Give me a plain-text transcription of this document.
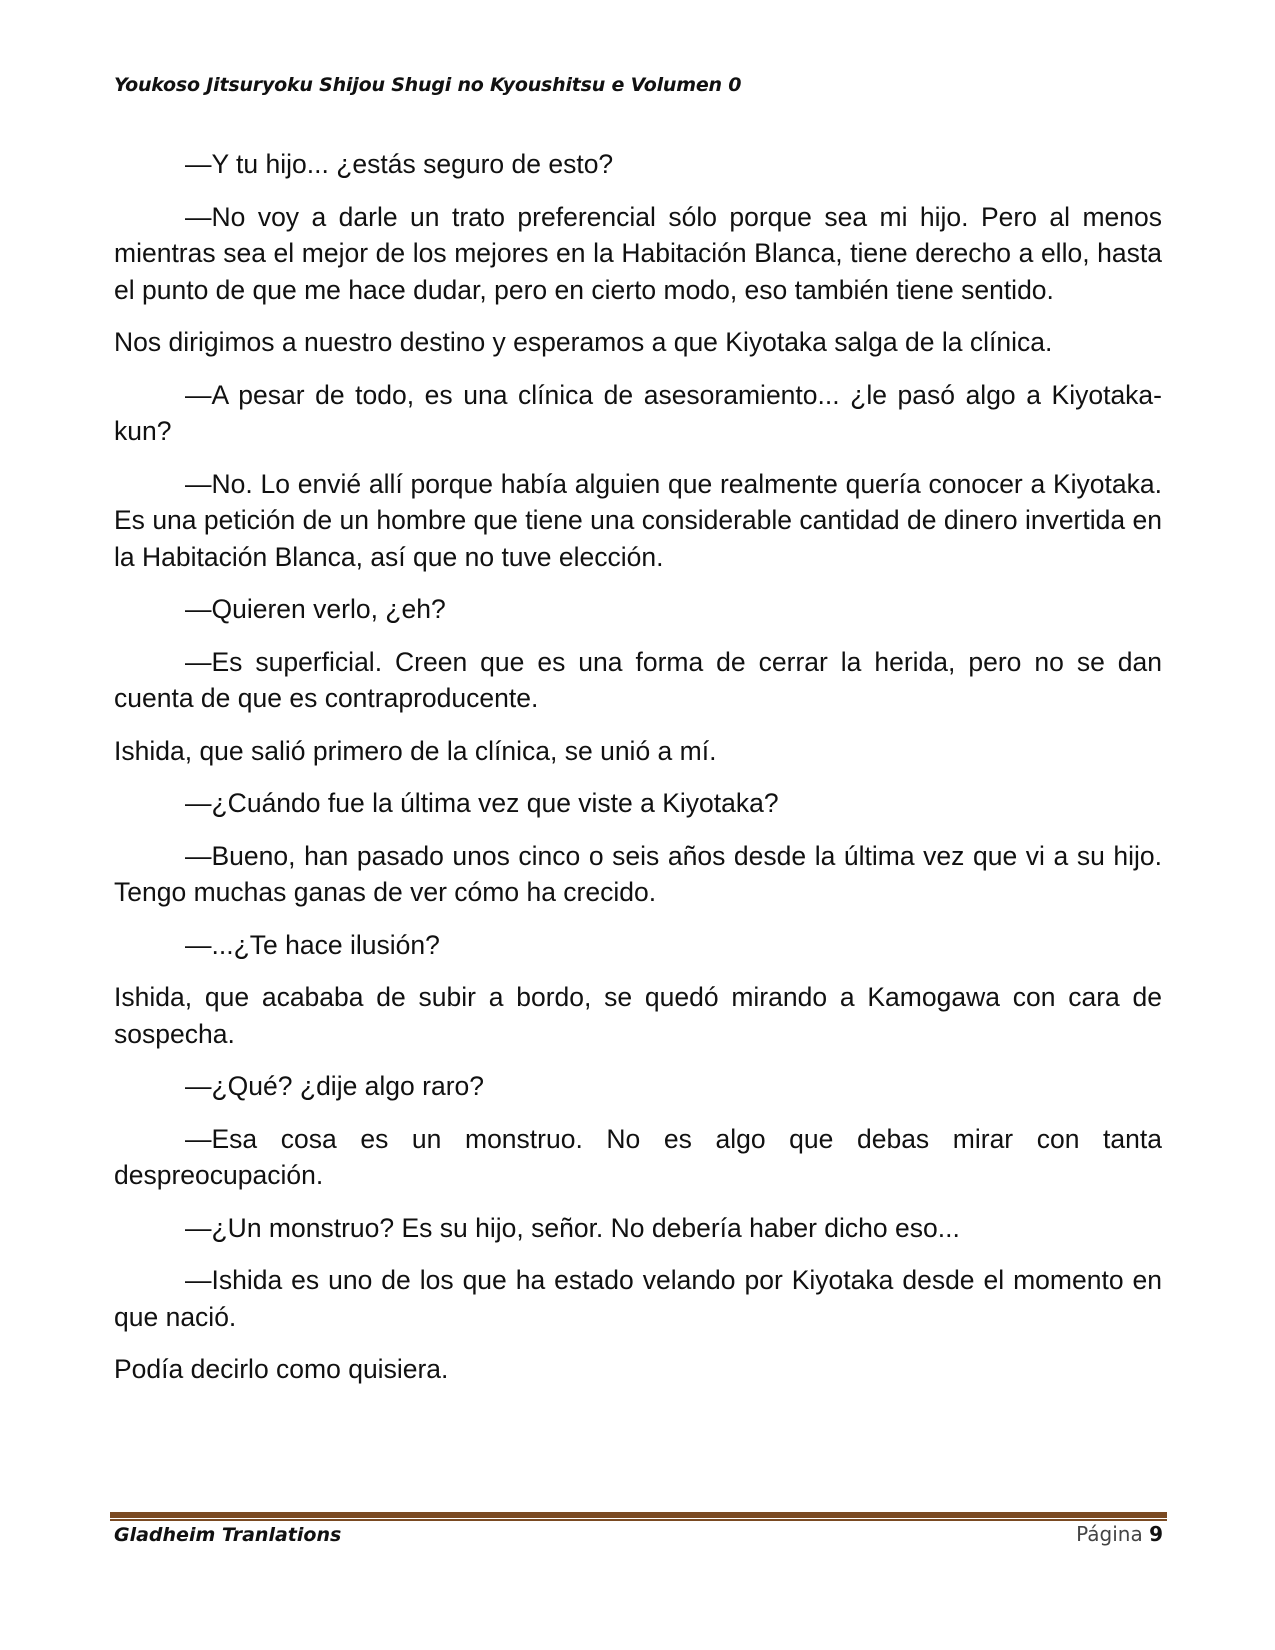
Youkoso Jitsuryoku Shijou Shugi no Kyoushitsu e Volumen 0

—Y tu hijo... ¿estás seguro de esto?

—No voy a darle un trato preferencial sólo porque sea mi hijo. Pero al menos mientras sea el mejor de los mejores en la Habitación Blanca, tiene derecho a ello, hasta el punto de que me hace dudar, pero en cierto modo, eso también tiene sentido.

Nos dirigimos a nuestro destino y esperamos a que Kiyotaka salga de la clínica.

—A pesar de todo, es una clínica de asesoramiento... ¿le pasó algo a Kiyotaka-kun?

—No. Lo envié allí porque había alguien que realmente quería conocer a Kiyotaka. Es una petición de un hombre que tiene una considerable cantidad de dinero invertida en la Habitación Blanca, así que no tuve elección.

—Quieren verlo, ¿eh?

—Es superficial. Creen que es una forma de cerrar la herida, pero no se dan cuenta de que es contraproducente.

Ishida, que salió primero de la clínica, se unió a mí.

—¿Cuándo fue la última vez que viste a Kiyotaka?

—Bueno, han pasado unos cinco o seis años desde la última vez que vi a su hijo. Tengo muchas ganas de ver cómo ha crecido.

—...¿Te hace ilusión?

Ishida, que acababa de subir a bordo, se quedó mirando a Kamogawa con cara de sospecha.

—¿Qué? ¿dije algo raro?

—Esa cosa es un monstruo. No es algo que debas mirar con tanta despreocupación.

—¿Un monstruo? Es su hijo, señor. No debería haber dicho eso...

—Ishida es uno de los que ha estado velando por Kiyotaka desde el momento en que nació.

Podía decirlo como quisiera.

Gladheim Tranlations	Página 9
